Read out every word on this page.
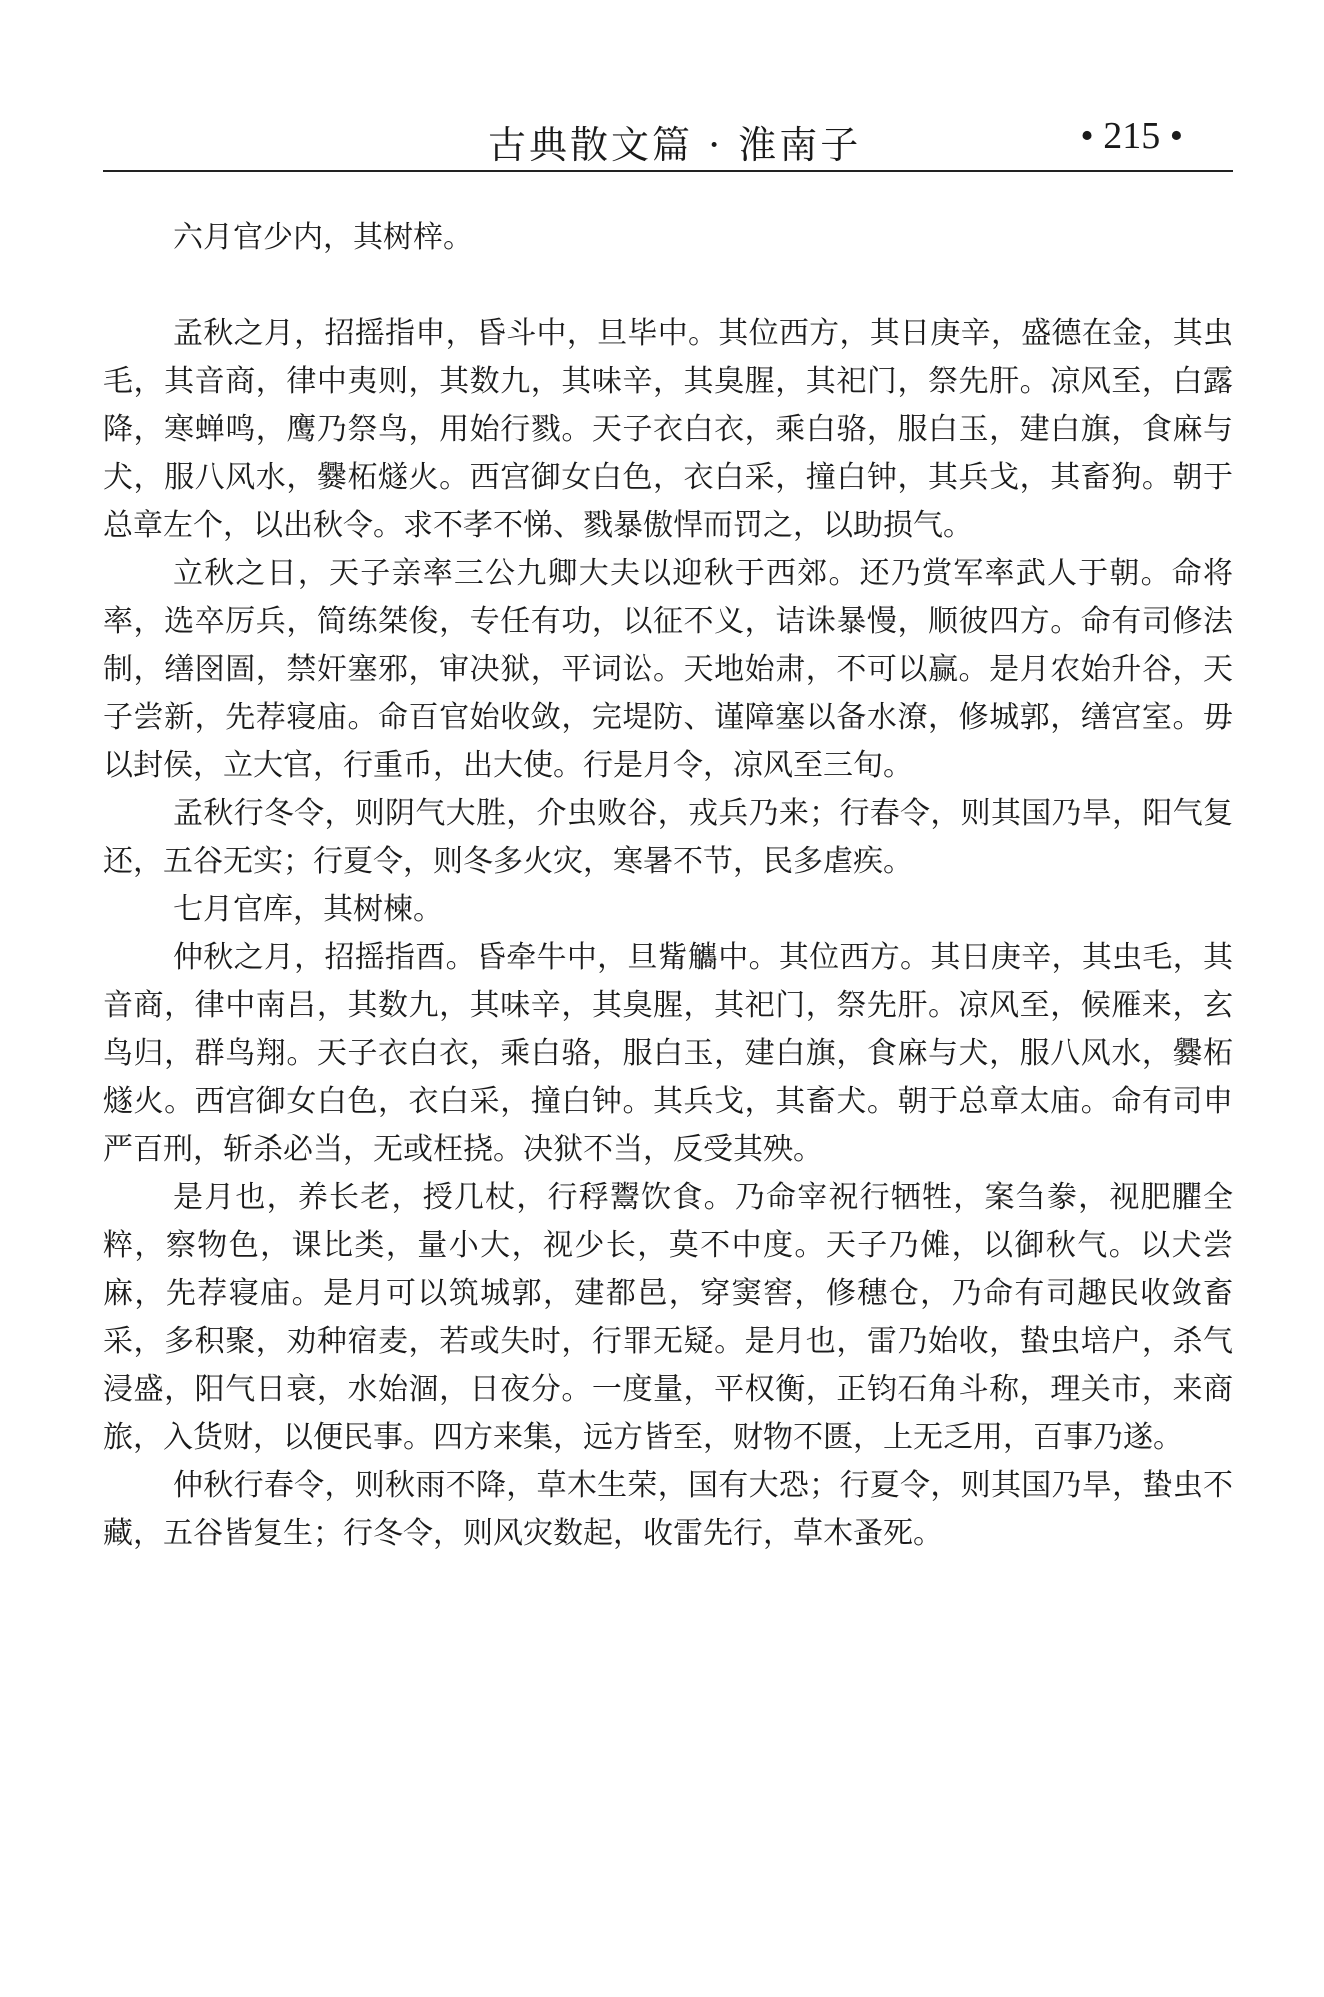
古典散文篇 · 淮南子	• 215 •

六月官少内，其树梓。

孟秋之月，招摇指申，昏斗中，旦毕中。其位西方，其日庚辛，盛德在金，其虫毛，其音商，律中夷则，其数九，其味辛，其臭腥，其祀门，祭先肝。凉风至，白露降，寒蝉鸣，鹰乃祭鸟，用始行戮。天子衣白衣，乘白骆，服白玉，建白旗，食麻与犬，服八风水，爨柘燧火。西宫御女白色，衣白采，撞白钟，其兵戈，其畜狗。朝于总章左个，以出秋令。求不孝不悌、戮暴傲悍而罚之，以助损气。

立秋之日，天子亲率三公九卿大夫以迎秋于西郊。还乃赏军率武人于朝。命将率，选卒厉兵，简练桀俊，专任有功，以征不义，诘诛暴慢，顺彼四方。命有司修法制，缮囹圄，禁奸塞邪，审决狱，平词讼。天地始肃，不可以赢。是月农始升谷，天子尝新，先荐寝庙。命百官始收敛，完堤防、谨障塞以备水潦，修城郭，缮宫室。毋以封侯，立大官，行重币，出大使。行是月令，凉风至三旬。

孟秋行冬令，则阴气大胜，介虫败谷，戎兵乃来；行春令，则其国乃旱，阳气复还，五谷无实；行夏令，则冬多火灾，寒暑不节，民多虐疾。

七月官库，其树楝。

仲秋之月，招摇指酉。昏牵牛中，旦觜觿中。其位西方。其日庚辛，其虫毛，其音商，律中南吕，其数九，其味辛，其臭腥，其祀门，祭先肝。凉风至，候雁来，玄鸟归，群鸟翔。天子衣白衣，乘白骆，服白玉，建白旗，食麻与犬，服八风水，爨柘燧火。西宫御女白色，衣白采，撞白钟。其兵戈，其畜犬。朝于总章太庙。命有司申严百刑，斩杀必当，无或枉挠。决狱不当，反受其殃。

是月也，养长老，授几杖，行稃鬻饮食。乃命宰祝行牺牲，案刍豢，视肥臞全粹，察物色，课比类，量小大，视少长，莫不中度。天子乃傩，以御秋气。以犬尝麻，先荐寝庙。是月可以筑城郭，建都邑，穿窦窖，修穗仓，乃命有司趣民收敛畜采，多积聚，劝种宿麦，若或失时，行罪无疑。是月也，雷乃始收，蛰虫培户，杀气浸盛，阳气日衰，水始涸，日夜分。一度量，平权衡，正钧石角斗称，理关市，来商旅，入货财，以便民事。四方来集，远方皆至，财物不匮，上无乏用，百事乃遂。

仲秋行春令，则秋雨不降，草木生荣，国有大恐；行夏令，则其国乃旱，蛰虫不藏，五谷皆复生；行冬令，则风灾数起，收雷先行，草木蚤死。
